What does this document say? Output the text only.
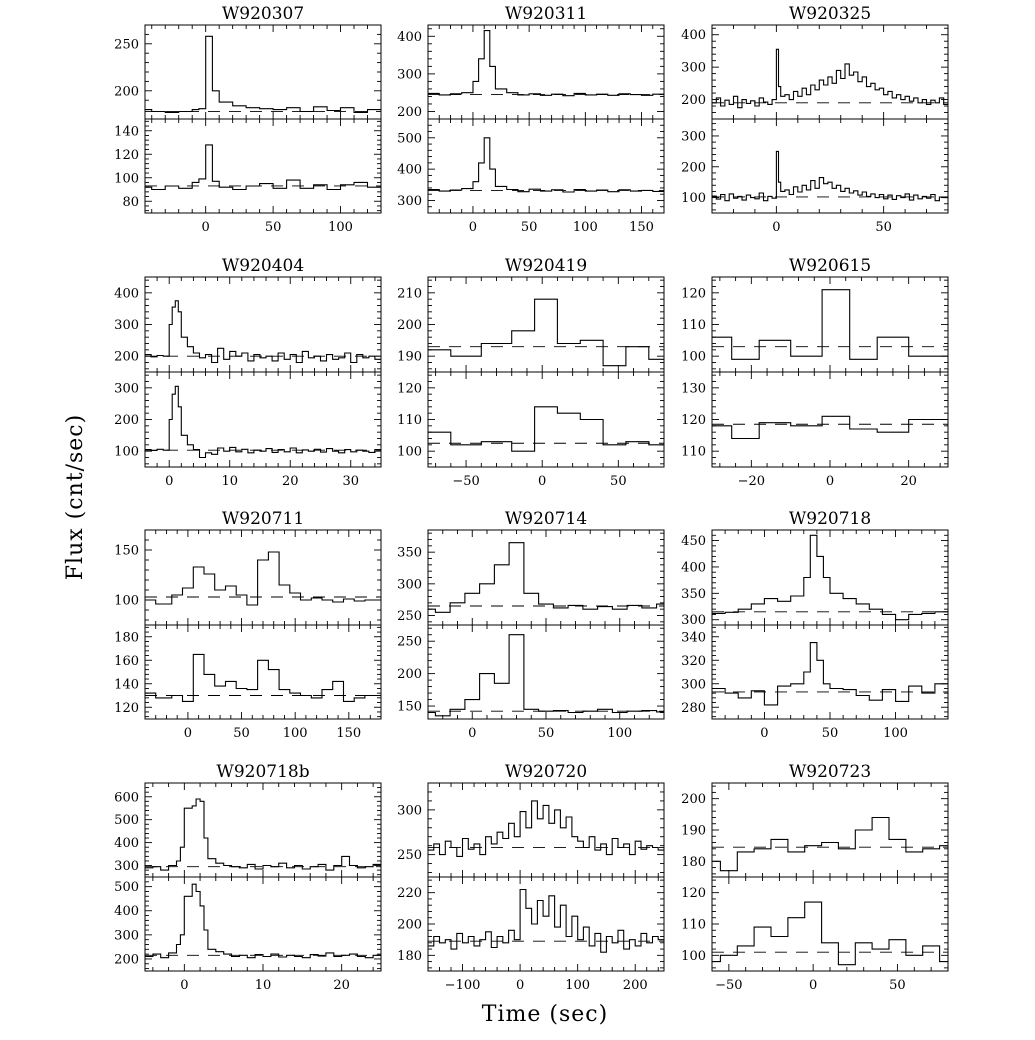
Flux (cnt/sec)
Time (sec)
W920307
200
250
0	50	100
80
100
120
140
W920311
200
300
400
0	50	100 150
300
400
500
W920325
200
300
400
0	50
100
200
300
W920404
200
300
400
0	10	20	30
100
200
300
W920419
190
200
210
−50	0	50
100
110
120
W920615
100
110
120
−20	0	20
110
120
130
W920711
100
150
0	50	100 150
120
140
160
180
W920714
250
300
350
0	50	100
150
200
250
W920718
300
350
400
450
0	50	100
280
300
320
340
W920718b
300
400
500
600
0	10	20
200
300
400
500
W920720
250
300
−100	0	100	200
180
200
220
W920723
180
190
200
−50	0	50
100
110
120
